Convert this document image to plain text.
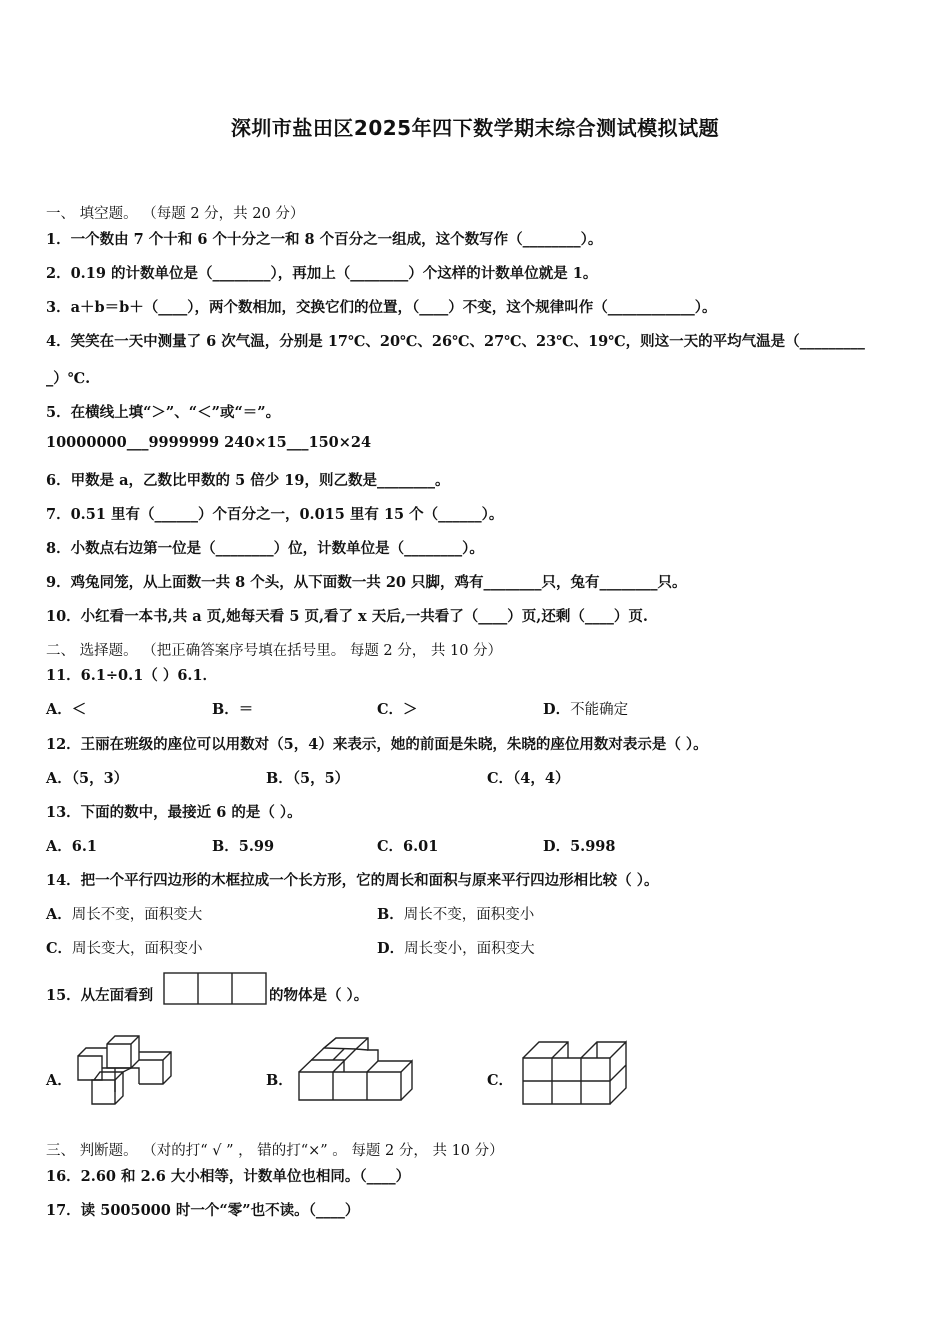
深圳市盐田区2025年四下数学期末综合测试模拟试题
一、 填空题。 （每题 2 分，共 20 分）
1．一个数由 7 个十和 6 个十分之一和 8 个百分之一组成，这个数写作（________）。
2．0.19 的计数单位是（________），再加上（________）个这样的计数单位就是 1。
3．a＋b＝b＋（____），两个数相加，交换它们的位置，（____）不变，这个规律叫作（____________）。
4．笑笑在一天中测量了 6 次气温，分别是 17℃、20℃、26℃、27℃、23℃、19℃，则这一天的平均气温是（_________
_）℃.
5．在横线上填“＞”、“＜”或“＝”。
10000000___9999999 240×15___150×24
6．甲数是 a，乙数比甲数的 5 倍少 19，则乙数是________。
7．0.51 里有（______）个百分之一，0.015 里有 15 个（______）。
8．小数点右边第一位是（________）位，计数单位是（________）。
9．鸡兔同笼，从上面数一共 8 个头，从下面数一共 20 只脚，鸡有________只，兔有________只。
10．小红看一本书,共 a 页,她每天看 5 页,看了 x 天后,一共看了（____）页,还剩（____）页.
二、 选择题。 （把正确答案序号填在括号里。 每题 2 分， 共 10 分）
11．6.1÷0.1（ ）6.1．
A．＜	B．＝	C．＞	D．不能确定
12．王丽在班级的座位可以用数对（5，4）来表示，她的前面是朱晓，朱晓的座位用数对表示是（ ）。
A．（5，3）	B．（5，5）	C．（4，4）
13．下面的数中，最接近 6 的是（ ）。
A．6.1	B．5.99	C．6.01	D．5.998
14．把一个平行四边形的木框拉成一个长方形，它的周长和面积与原来平行四边形相比较（ ）。
A．周长不变，面积变大	B．周长不变，面积变小
C．周长变大，面积变小	D．周长变小，面积变大
15．从左面看到	的物体是（ ）。
A．	B．	C．
三、 判断题。 （对的打“ √ ” ， 错的打“×” 。 每题 2 分， 共 10 分）
16．2.60 和 2.6 大小相等，计数单位也相同。（____）
17．读 5005000 时一个“零”也不读。（____）
